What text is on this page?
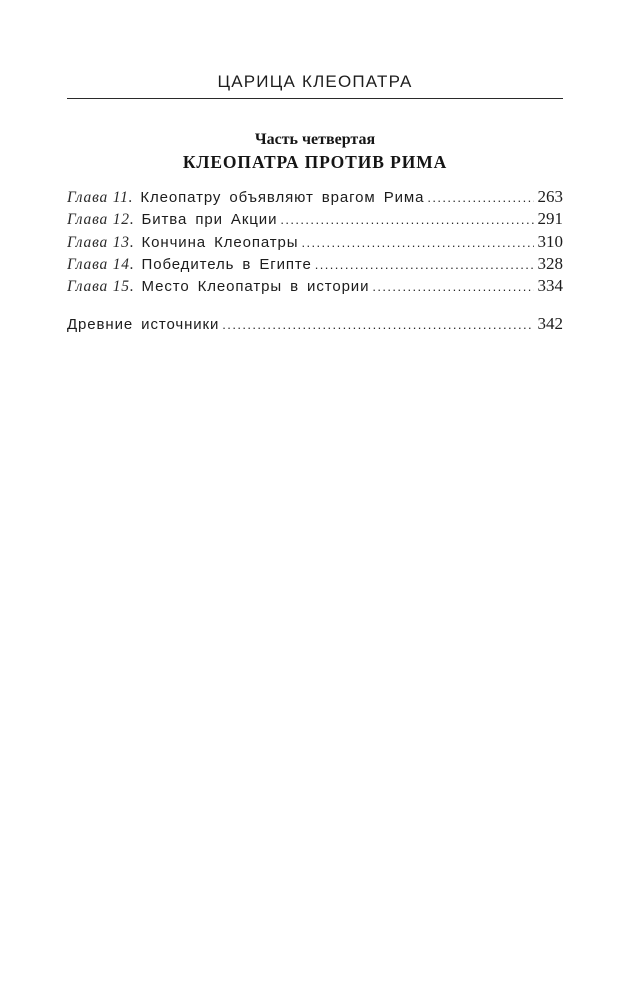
ЦАРИЦА КЛЕОПАТРА
Часть четвертая
КЛЕОПАТРА ПРОТИВ РИМА
Глава 11. Клеопатру объявляют врагом Рима .....	263
Глава 12. Битва при Акции .....	291
Глава 13. Кончина Клеопатры .....	310
Глава 14. Победитель в Египте .....	328
Глава 15. Место Клеопатры в истории .....	334
Древние источники .....	342
